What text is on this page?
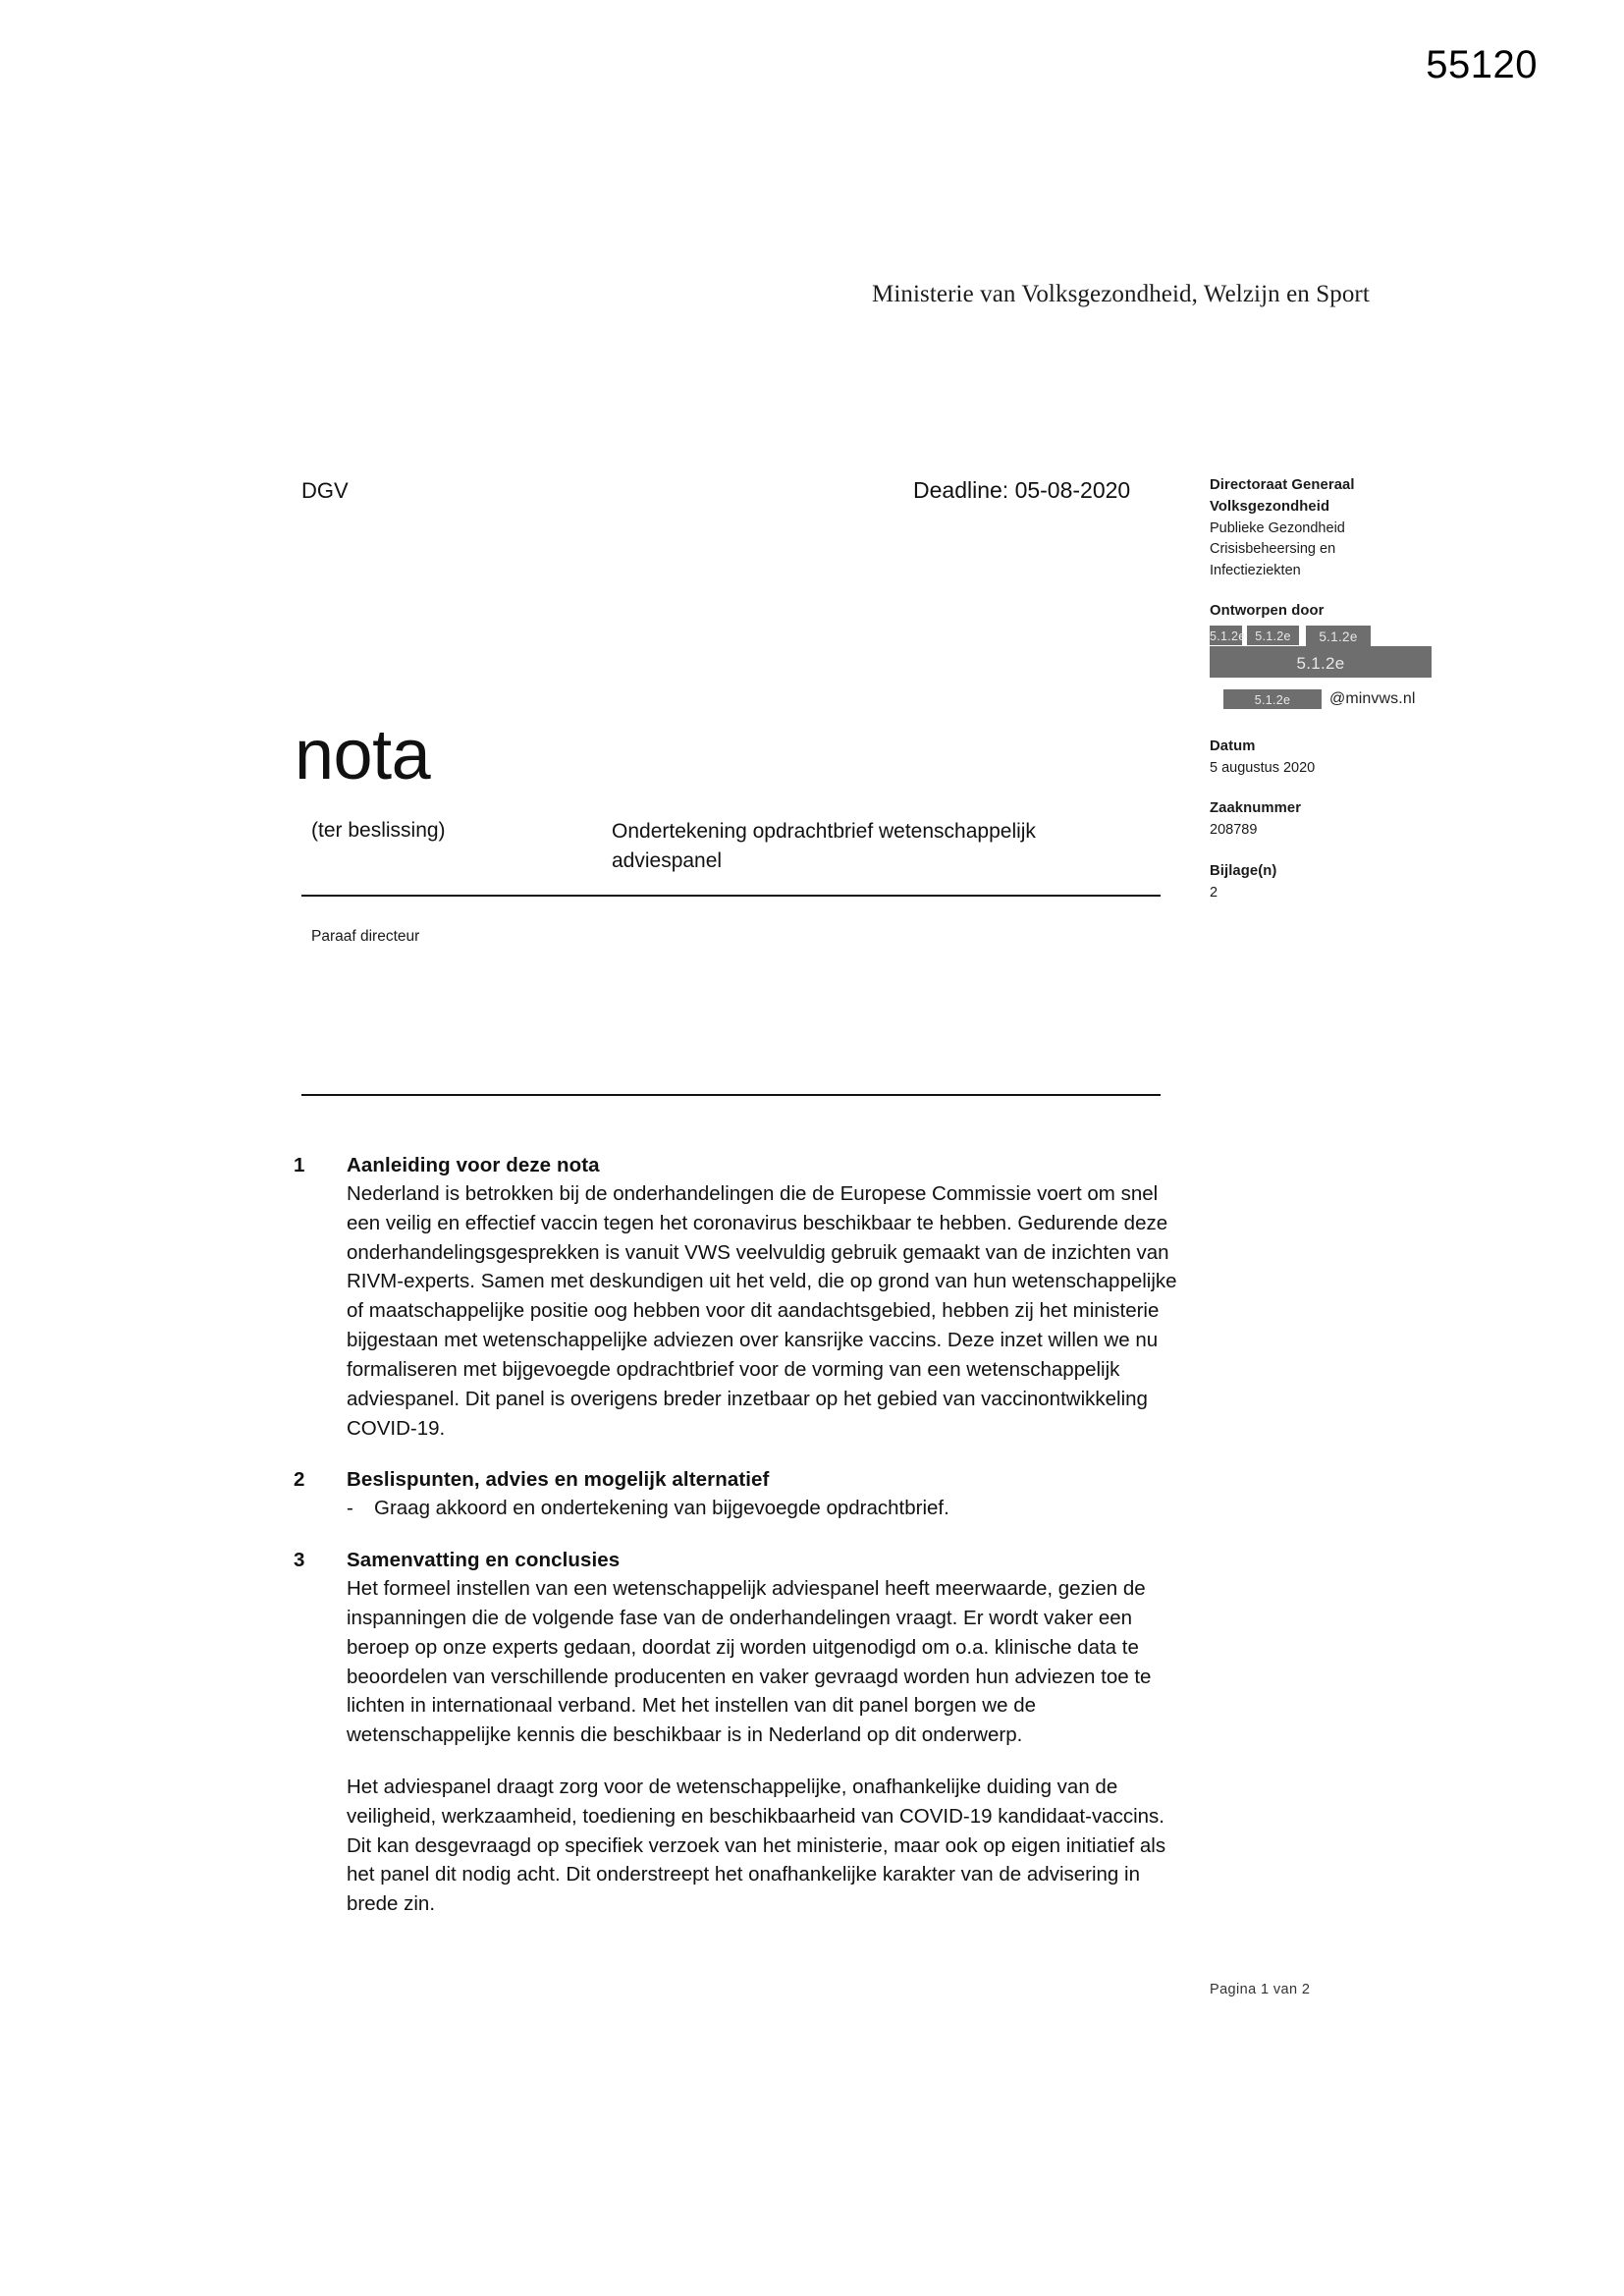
55120
Ministerie van Volksgezondheid, Welzijn en Sport
DGV	Deadline: 05-08-2020	Directoraat Generaal
Volksgezondheid
Publieke Gezondheid
Crisisbeheersing en
Infectieziekten
Ontworpen door
5.1.2e 5.1.2e	5.1.2e
5.1.2e
5.1.2e	@minvws.nl
Datum
5 augustus 2020
Zaaknummer
208789
Bijlage(n)
2
nota
(ter beslissing)	Ondertekening opdrachtbrief wetenschappelijk adviespanel
Paraaf directeur
1	Aanleiding voor deze nota

Nederland is betrokken bij de onderhandelingen die de Europese Commissie voert om snel een veilig en effectief vaccin tegen het coronavirus beschikbaar te hebben. Gedurende deze onderhandelingsgesprekken is vanuit VWS veelvuldig gebruik gemaakt van de inzichten van RIVM-experts. Samen met deskundigen uit het veld, die op grond van hun wetenschappelijke of maatschappelijke positie oog hebben voor dit aandachtsgebied, hebben zij het ministerie bijgestaan met wetenschappelijke adviezen over kansrijke vaccins. Deze inzet willen we nu formaliseren met bijgevoegde opdrachtbrief voor de vorming van een wetenschappelijk adviespanel. Dit panel is overigens breder inzetbaar op het gebied van vaccinontwikkeling COVID-19.

2	Beslispunten, advies en mogelijk alternatief
-	Graag akkoord en ondertekening van bijgevoegde opdrachtbrief.
3	Samenvatting en conclusies

Het formeel instellen van een wetenschappelijk adviespanel heeft meerwaarde, gezien de inspanningen die de volgende fase van de onderhandelingen vraagt. Er wordt vaker een beroep op onze experts gedaan, doordat zij worden uitgenodigd om o.a. klinische data te beoordelen van verschillende producenten en vaker gevraagd worden hun adviezen toe te lichten in internationaal verband. Met het instellen van dit panel borgen we de wetenschappelijke kennis die beschikbaar is in Nederland op dit onderwerp.

Het adviespanel draagt zorg voor de wetenschappelijke, onafhankelijke duiding van de veiligheid, werkzaamheid, toediening en beschikbaarheid van COVID-19 kandidaat-vaccins. Dit kan desgevraagd op specifiek verzoek van het ministerie, maar ook op eigen initiatief als het panel dit nodig acht. Dit onderstreept het onafhankelijke karakter van de advisering in brede zin.

Pagina 1 van 2
